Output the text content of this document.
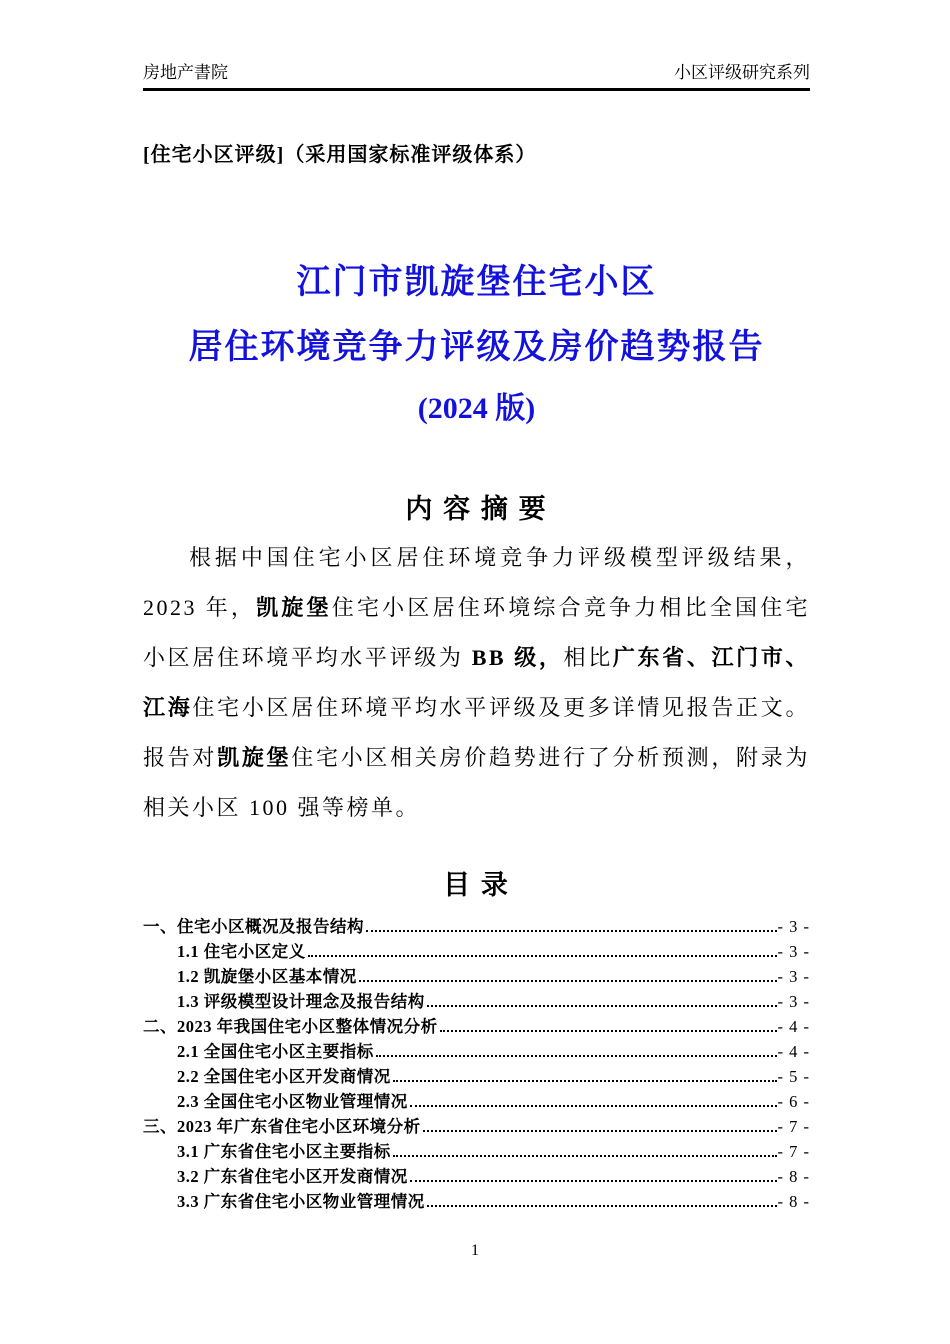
房地产書院	小区评级研究系列
[住宅小区评级]（采用国家标准评级体系）
江门市凯旋堡住宅小区
居住环境竞争力评级及房价趋势报告
(2024 版)
内 容 摘 要

根据中国住宅小区居住环境竞争力评级模型评级结果，2023 年，凯旋堡住宅小区居住环境综合竞争力相比全国住宅小区居住环境平均水平评级为 BB 级，相比广东省、江门市、江海住宅小区居住环境平均水平评级及更多详情见报告正文。报告对凯旋堡住宅小区相关房价趋势进行了分析预测，附录为相关小区 100 强等榜单。

目 录
一、住宅小区概况及报告结构	- 3 -
1.1 住宅小区定义	- 3 -
1.2 凯旋堡小区基本情况	- 3 -
1.3 评级模型设计理念及报告结构	- 3 -
二、2023 年我国住宅小区整体情况分析	- 4 -
2.1 全国住宅小区主要指标	- 4 -
2.2 全国住宅小区开发商情况	- 5 -
2.3 全国住宅小区物业管理情况	- 6 -
三、2023 年广东省住宅小区环境分析	- 7 -
3.1 广东省住宅小区主要指标	- 7 -
3.2 广东省住宅小区开发商情况	- 8 -
3.3 广东省住宅小区物业管理情况	- 8 -
1
